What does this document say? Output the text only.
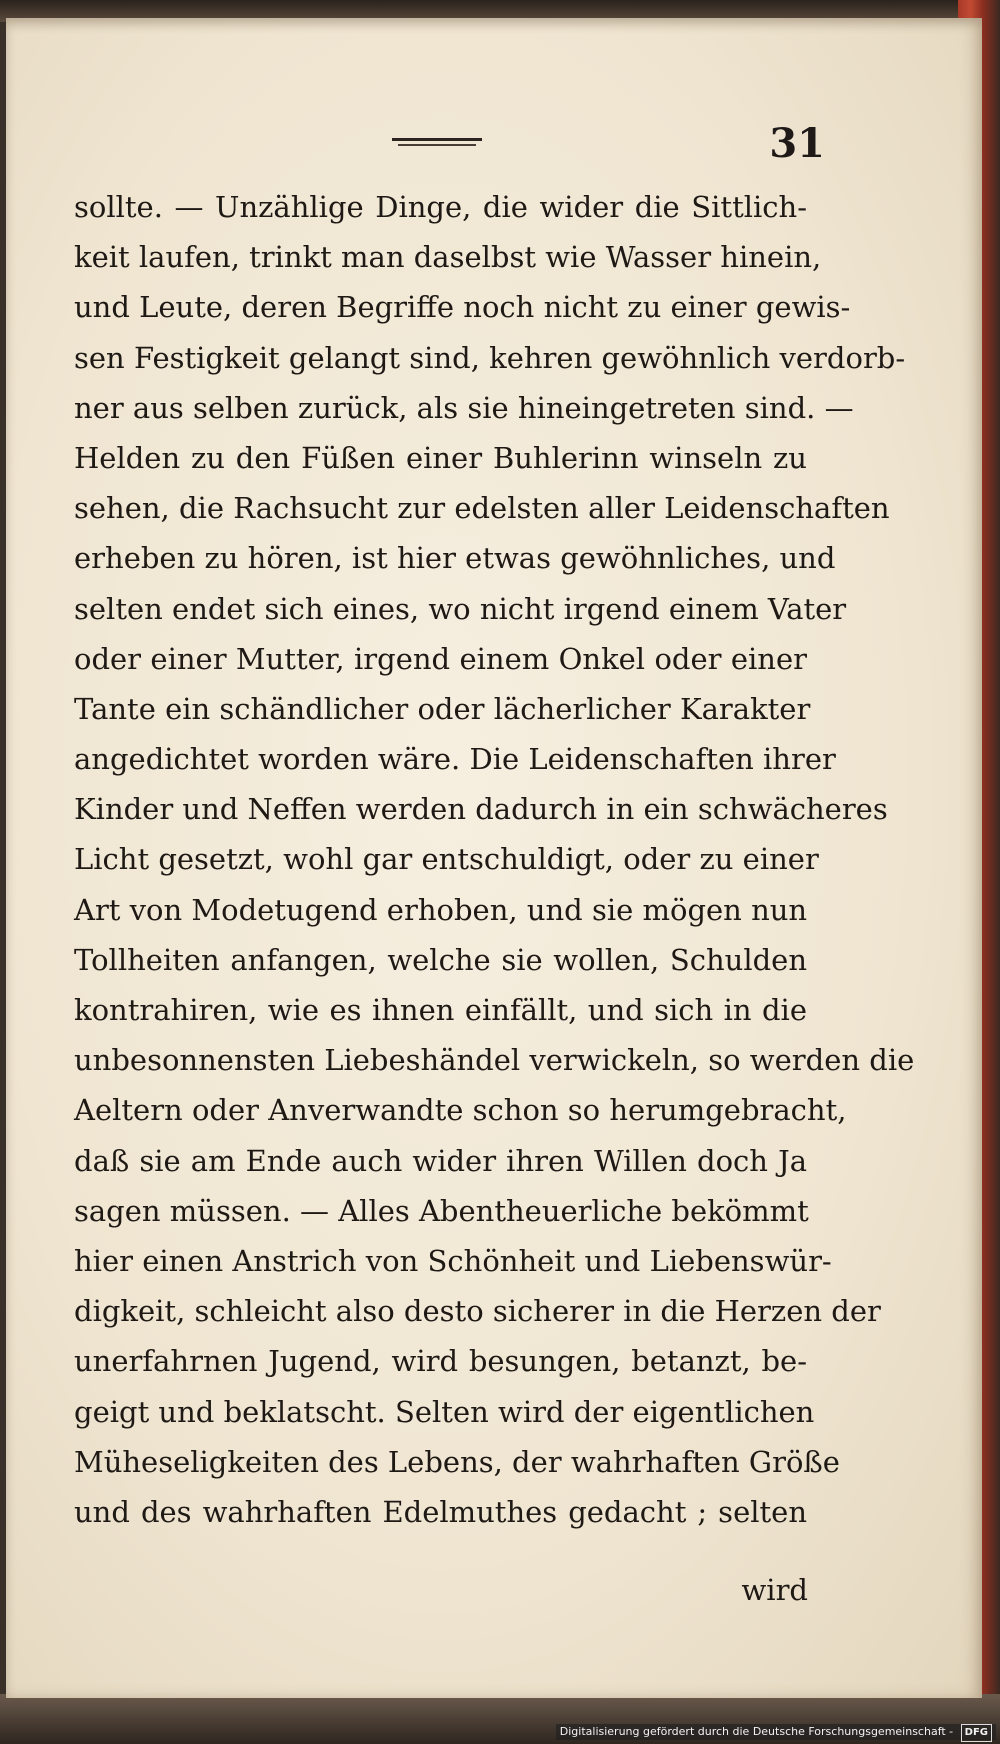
31
sollte. — Unzählige Dinge, die wider die Sittlich-
keit laufen, trinkt man daselbst wie Wasser hinein,
und Leute, deren Begriffe noch nicht zu einer gewis-
sen Festigkeit gelangt sind, kehren gewöhnlich verdorb-
ner aus selben zurück, als sie hineingetreten sind. —
Helden zu den Füßen einer Buhlerinn winseln zu
sehen, die Rachsucht zur edelsten aller Leidenschaften
erheben zu hören, ist hier etwas gewöhnliches, und
selten endet sich eines, wo nicht irgend einem Vater
oder einer Mutter, irgend einem Onkel oder einer
Tante ein schändlicher oder lächerlicher Karakter
angedichtet worden wäre. Die Leidenschaften ihrer
Kinder und Neffen werden dadurch in ein schwächeres
Licht gesetzt, wohl gar entschuldigt, oder zu einer
Art von Modetugend erhoben, und sie mögen nun
Tollheiten anfangen, welche sie wollen, Schulden
kontrahiren, wie es ihnen einfällt, und sich in die
unbesonnensten Liebeshändel verwickeln, so werden die
Aeltern oder Anverwandte schon so herumgebracht,
daß sie am Ende auch wider ihren Willen doch Ja
sagen müssen. — Alles Abentheuerliche bekömmt
hier einen Anstrich von Schönheit und Liebenswür-
digkeit, schleicht also desto sicherer in die Herzen der
unerfahrnen Jugend, wird besungen, betanzt, be-
geigt und beklatscht. Selten wird der eigentlichen
Müheseligkeiten des Lebens, der wahrhaften Größe
und des wahrhaften Edelmuthes gedacht ; selten
wird
Digitalisierung gefördert durch die Deutsche Forschungsgemeinschaft - DFG
